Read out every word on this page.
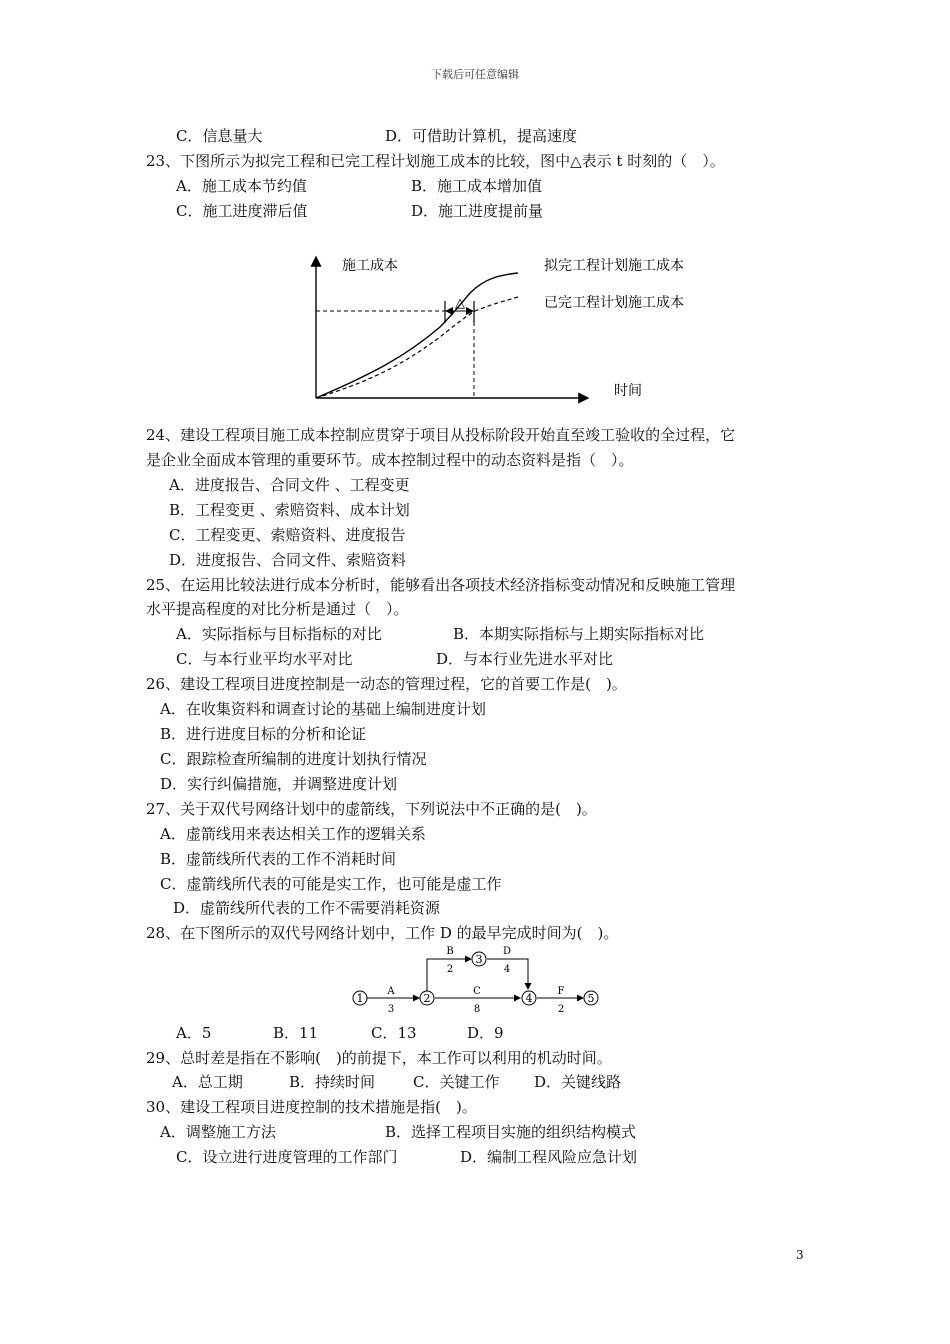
下载后可任意编辑
C．信息量大	D．可借助计算机，提高速度
23、下图所示为拟完工程和已完工程计划施工成本的比较，图中△表示 t 时刻的（　）。
A．施工成本节约值	B．施工成本增加值
C．施工进度滞后值	D．施工进度提前量
△
施工成本
时间
拟完工程计划施工成本
已完工程计划施工成本
24、建设工程项目施工成本控制应贯穿于项目从投标阶段开始直至竣工验收的全过程，它
是企业全面成本管理的重要环节。成本控制过程中的动态资料是指（　）。
A．进度报告、合同文件 、工程变更
B．工程变更 、索赔资料、成本计划
C．工程变更、索赔资料、进度报告
D．进度报告、合同文件、索赔资料
25、在运用比较法进行成本分析时，能够看出各项技术经济指标变动情况和反映施工管理
水平提高程度的对比分析是通过（　）。
A．实际指标与目标指标的对比	B．本期实际指标与上期实际指标对比
C．与本行业平均水平对比	D．与本行业先进水平对比
26、建设工程项目进度控制是一动态的管理过程，它的首要工作是(　)。
A．在收集资料和调查讨论的基础上编制进度计划
B．进行进度目标的分析和论证
C．跟踪检查所编制的进度计划执行情况
D．实行纠偏措施，并调整进度计划
27、关于双代号网络计划中的虚箭线，下列说法中不正确的是(　)。
A．虚箭线用来表达相关工作的逻辑关系
B．虚箭线所代表的工作不消耗时间
C．虚箭线所代表的可能是实工作，也可能是虚工作
D．虚箭线所代表的工作不需要消耗资源
28、在下图所示的双代号网络计划中，工作 D 的最早完成时间为(　)。
1	2
3
4	5
A
3
B
2
D
4
C
8
F
2
A．5	B．11	C．13	D．9
29、总时差是指在不影响(　)的前提下，本工作可以利用的机动时间。
A．总工期	B．持续时间	C．关键工作 D．关键线路
30、建设工程项目进度控制的技术措施是指(　)。
A．调整施工方法	B．选择工程项目实施的组织结构模式
C．设立进行进度管理的工作部门	D．编制工程风险应急计划
3
